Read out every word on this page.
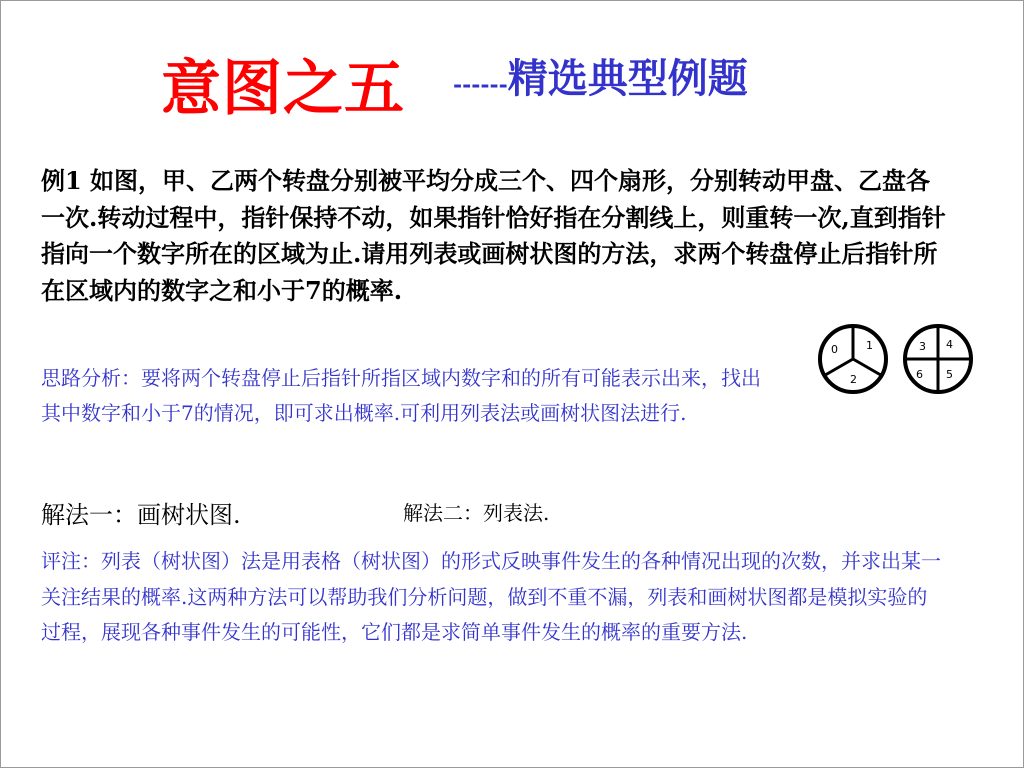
意图之五 ------精选典型例题
例1 如图，甲、乙两个转盘分别被平均分成三个、四个扇形，分别转动甲盘、乙盘各一次.转动过程中，指针保持不动，如果指针恰好指在分割线上，则重转一次,直到指针指向一个数字所在的区域为止.请用列表或画树状图的方法，求两个转盘停止后指针所在区域内的数字之和小于7的概率.
0	1
2
3 4
6 5
思路分析：要将两个转盘停止后指针所指区域内数字和的所有可能表示出来，找出其中数字和小于7的情况，即可求出概率.可利用列表法或画树状图法进行.
解法一：画树状图.	解法二：列表法.
评注：列表（树状图）法是用表格（树状图）的形式反映事件发生的各种情况出现的次数，并求出某一关注结果的概率.这两种方法可以帮助我们分析问题，做到不重不漏，列表和画树状图都是模拟实验的过程，展现各种事件发生的可能性，它们都是求简单事件发生的概率的重要方法.
